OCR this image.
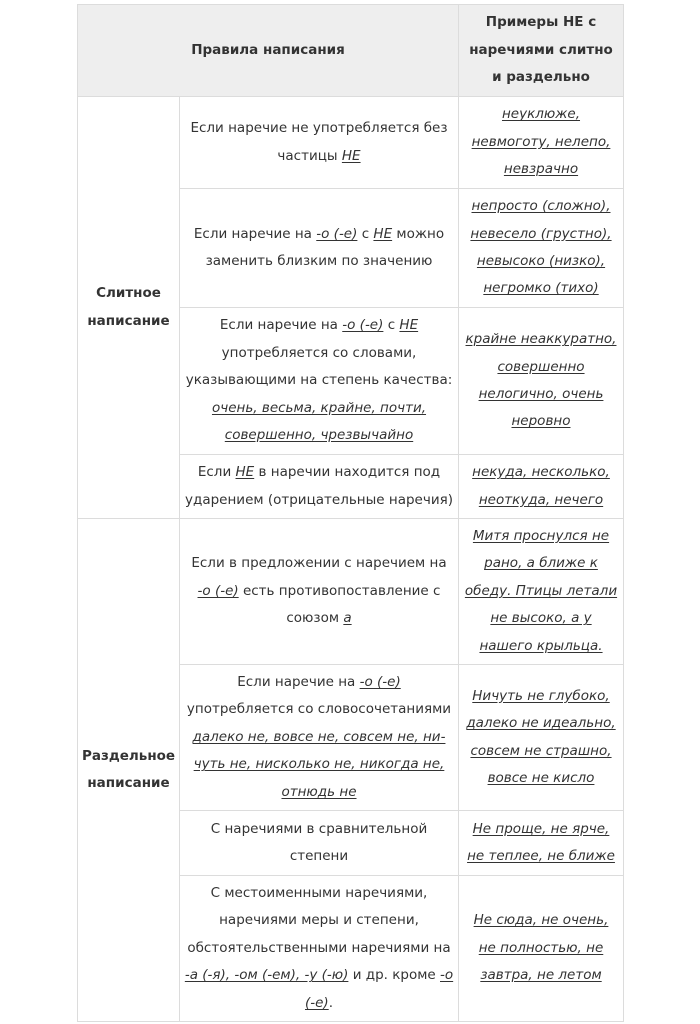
Правила написания		Примеры НЕ с наречиями слитно и раздельно
Слитное написание	Если наречие не употребляется без частицы НЕ	неуклюже, невмоготу, нелепо, невзрачно
	Если наречие на -о (-е) с НЕ можно заменить близким по значению	непросто (сложно), невесело (грустно), невысоко (низко), негромко (тихо)
	Если наречие на -о (-е) с НЕ употребляется со словами, указывающими на степень качества: очень, весьма, крайне, почти, совершенно, чрезвычайно	крайне неаккуратно, совершенно нелогично, очень неровно
	Если НЕ в наречии находится под ударением (отрицательные наречия)	некуда, несколько, неоткуда, нечего
Раздельное написание	Если в предложении с наречием на -о (-е) есть противопоставление с союзом а	Митя проснулся не рано, а ближе к обеду. Птицы летали не высоко, а у нашего крыльца.
	Если наречие на -о (-е) употребляется со словосочетаниями далеко не, вовсе не, совсем не, ни-чуть не, нисколько не, никогда не, отнюдь не	Ничуть не глубоко, далеко не идеально, совсем не страшно, вовсе не кисло
	С наречиями в сравнительной степени	Не проще, не ярче, не теплее, не ближе
	С местоименными наречиями, наречиями меры и степени, обстоятельственными наречиями на -а (-я), -ом (-ем), -у (-ю) и др. кроме -о (-е).	Не сюда, не очень, не полностью, не завтра, не летом
